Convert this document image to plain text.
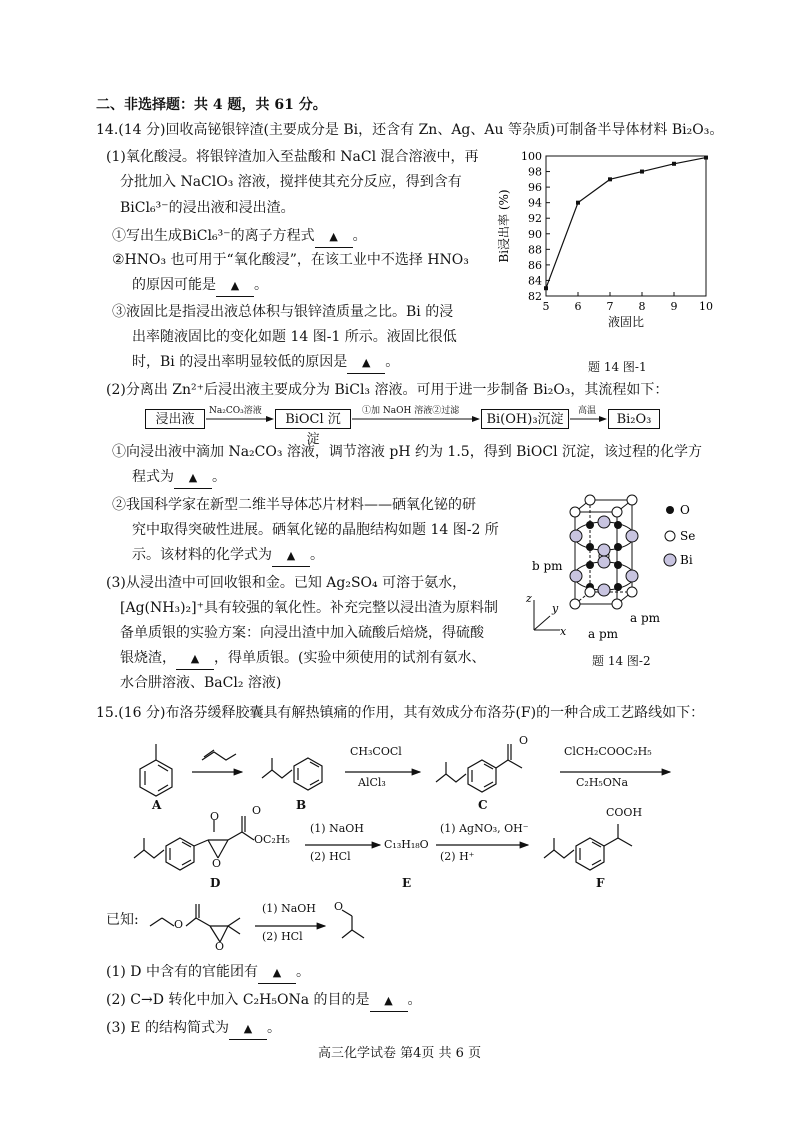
二、非选择题：共 4 题，共 61 分。
14.(14 分)回收高铋银锌渣(主要成分是 Bi，还含有 Zn、Ag、Au 等杂质)可制备半导体材料 Bi₂O₃。
(1)氧化酸浸。将银锌渣加入至盐酸和 NaCl 混合溶液中，再
分批加入 NaClO₃ 溶液，搅拌使其充分反应，得到含有
BiCl₆³⁻的浸出液和浸出渣。
①写出生成BiCl₆³⁻的离子方程式 ▲ 。
②HNO₃ 也可用于“氧化酸浸”，在该工业中不选择 HNO₃
的原因可能是 ▲ 。
③液固比是指浸出液总体积与银锌渣质量之比。Bi 的浸
出率随液固比的变化如题 14 图-1 所示。液固比很低
时，Bi 的浸出率明显较低的原因是 ▲ 。
82
84
86
88
90
92
94
96
98
100
5 6 7 8 9 10
液固比
Bi浸出率 (%)
题 14 图-1
(2)分离出 Zn²⁺后浸出液主要成分为 BiCl₃ 溶液。可用于进一步制备 Bi₂O₃，其流程如下：
浸出液	BiOCl 沉淀
Bi(OH)₃沉淀	Bi₂O₃
Na₂CO₃溶液	①加 NaOH 溶液②过滤	高温
①向浸出液中滴加 Na₂CO₃ 溶液，调节溶液 pH 约为 1.5，得到 BiOCl 沉淀，该过程的化学方
程式为 ▲ 。
②我国科学家在新型二维半导体芯片材料——硒氧化铋的研
究中取得突破性进展。硒氧化铋的晶胞结构如题 14 图-2 所
示。该材料的化学式为 ▲ 。
(3)从浸出渣中可回收银和金。已知 Ag₂SO₄ 可溶于氨水，
[Ag(NH₃)₂]⁺具有较强的氧化性。补充完整以浸出渣为原料制
备单质银的实验方案：向浸出渣中加入硫酸后焙烧，得硫酸
银烧渣， ▲ ，得单质银。(实验中须使用的试剂有氨水、
水合肼溶液、BaCl₂ 溶液)
O
Se
Bi
b pm
a pm
a pm
z
y
x
题 14 图-2
15.(16 分)布洛芬缓释胶囊具有解热镇痛的作用，其有效成分布洛芬(F)的一种合成工艺路线如下：
CH₃COCl
AlCl₃
ClCH₂COOC₂H₅
C₂H₅ONa
O
A	B	C
OC₂H₅
O
O
O
(1) NaOH
(2) HCl
C₁₃H₁₈O
(1) AgNO₃, OH⁻
(2) H⁺
COOH
D	E	F
已知:	O
O
(1) NaOH
(2) HCl
O
(1) D 中含有的官能团有 ▲ 。
(2) C→D 转化中加入 C₂H₅ONa 的目的是 ▲ 。
(3) E 的结构简式为 ▲ 。
高三化学试卷 第4页 共 6 页
